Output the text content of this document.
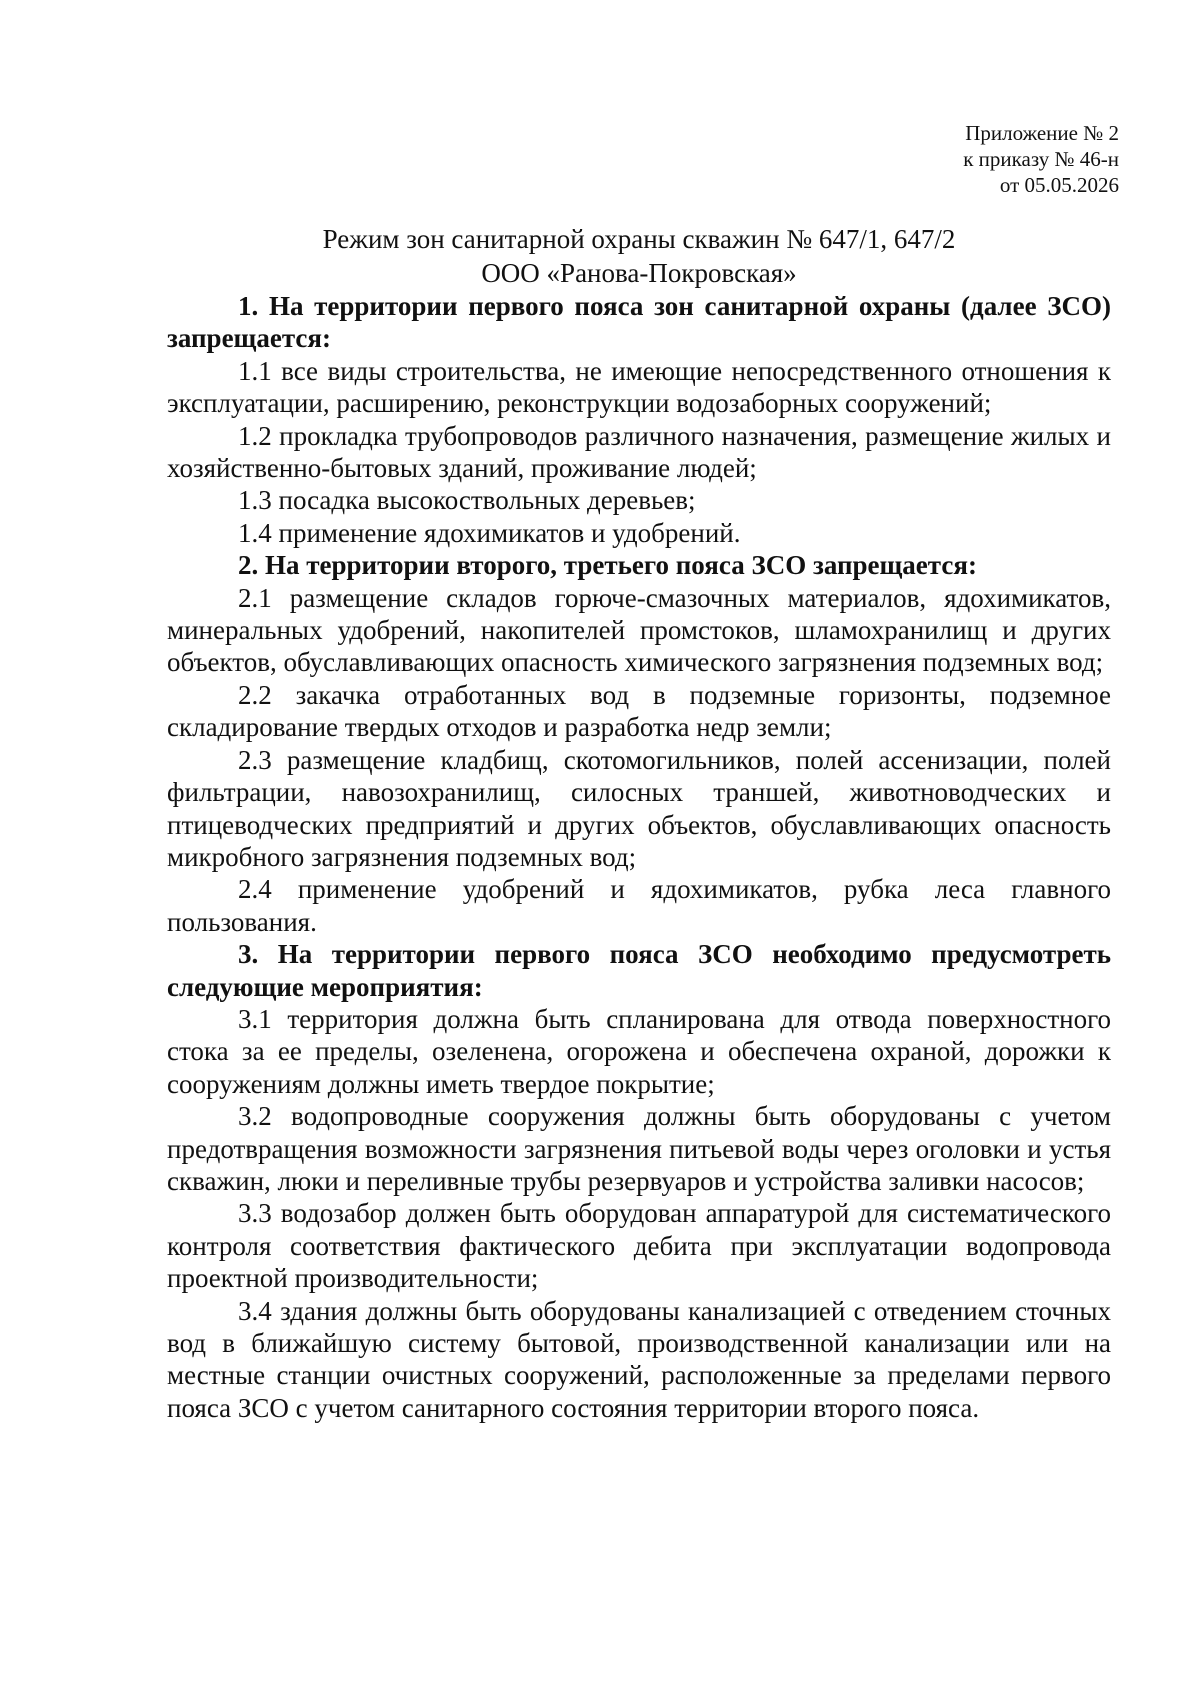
Приложение № 2
к приказу № 46-н
от 05.05.2026
Режим зон санитарной охраны скважин № 647/1, 647/2
ООО «Ранова-Покровская»

1. На территории первого пояса зон санитарной охраны (далее ЗСО) запрещается:

1.1 все виды строительства, не имеющие непосредственного отношения к эксплуатации, расширению, реконструкции водозаборных сооружений;

1.2 прокладка трубопроводов различного назначения, размещение жилых и хозяйственно-бытовых зданий, проживание людей;

1.3 посадка высокоствольных деревьев;

1.4 применение ядохимикатов и удобрений.

2. На территории второго, третьего пояса ЗСО запрещается:

2.1 размещение складов горюче-смазочных материалов, ядохимикатов, минеральных удобрений, накопителей промстоков, шламохранилищ и других объектов, обуславливающих опасность химического загрязнения подземных вод;

2.2 закачка отработанных вод в подземные горизонты, подземное складирование твердых отходов и разработка недр земли;

2.3 размещение кладбищ, скотомогильников, полей ассенизации, полей фильтрации, навозохранилищ, силосных траншей, животноводческих и птицеводческих предприятий и других объектов, обуславливающих опасность микробного загрязнения подземных вод;

2.4 применение удобрений и ядохимикатов, рубка леса главного пользования.

3. На территории первого пояса ЗСО необходимо предусмотреть следующие мероприятия:

3.1 территория должна быть спланирована для отвода поверхностного стока за ее пределы, озеленена, огорожена и обеспечена охраной, дорожки к сооружениям должны иметь твердое покрытие;

3.2 водопроводные сооружения должны быть оборудованы с учетом предотвращения возможности загрязнения питьевой воды через оголовки и устья скважин, люки и переливные трубы резервуаров и устройства заливки насосов;

3.3 водозабор должен быть оборудован аппаратурой для систематического контроля соответствия фактического дебита при эксплуатации водопровода проектной производительности;

3.4 здания должны быть оборудованы канализацией с отведением сточных вод в ближайшую систему бытовой, производственной канализации или на местные станции очистных сооружений, расположенные за пределами первого пояса ЗСО с учетом санитарного состояния территории второго пояса.
